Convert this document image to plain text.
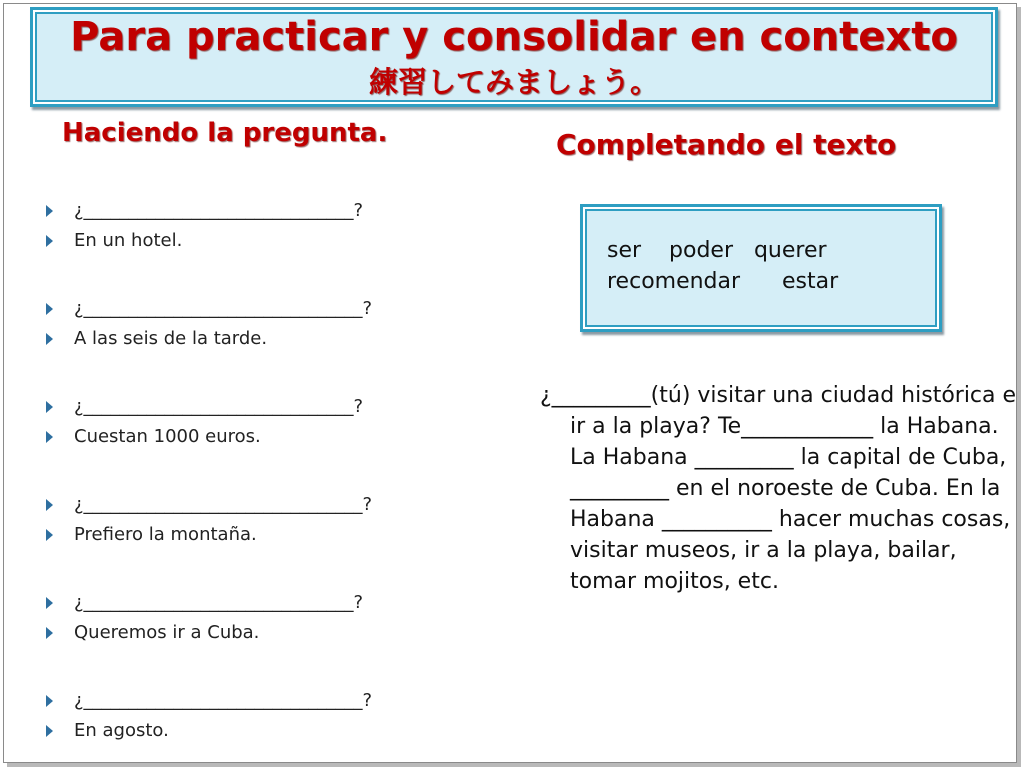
Para practicar y consolidar en contexto
練習してみましょう。
Haciendo la pregunta.	Completando el texto
¿______________________________?
En un hotel.
¿_______________________________?
A las seis de la tarde.
¿______________________________?
Cuestan 1000 euros.
¿_______________________________?
Prefiero la montaña.
¿______________________________?
Queremos ir a Cuba.
¿_______________________________?
En agosto.
ser    poder   querer
recomendar      estar
¿_________(tú) visitar una ciudad histórica e ir a la playa? Te____________ la Habana. La Habana _________ la capital de Cuba, _________ en el noroeste de Cuba. En la Habana __________ hacer muchas cosas, visitar museos, ir a la playa, bailar, tomar mojitos, etc.
